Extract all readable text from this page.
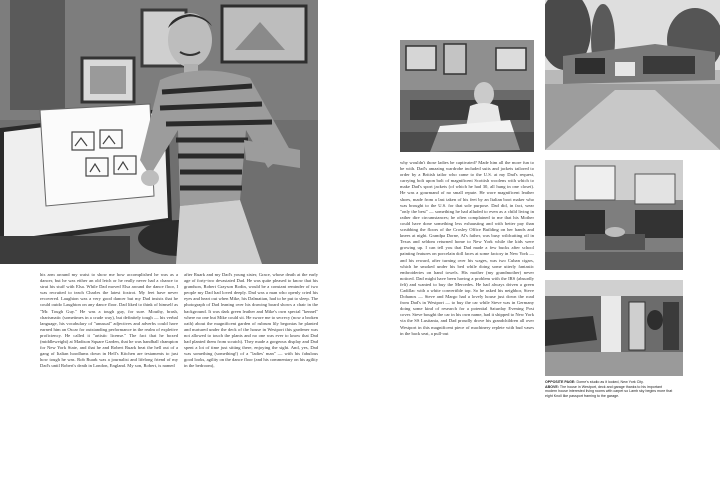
his arm around my waist to show me how accomplished he was as a dancer, but he was either an old letch or he really never had a chance to strut his stuff with Elsa. While Dad moved Elsa around the dance floor, I was recruited to teach Charles the latest foxtrot. My feet have never recovered. Laughton was a very good dancer but my Dad insists that he could outdo Laughton on any dance floor. Dad liked to think of himself as "Mr. Tough Guy." He was a tough guy, for sure. Mouthy, brash, charismatic (sometimes in a crude way), but definitely tough — his verbal language, his vocabulary of "unusual" adjectives and adverbs could have earned him an Oscar for outstanding performance in the realm of expletive proficiency. He called it "artistic license." The fact that he boxed (middleweight) at Madison Square Garden, that he was handball champion for New York State, and that he and Robert Ruark beat the hell out of a gang of Italian hoodlums down in Hell's Kitchen are testaments to just how tough he was. Rob Ruark was a journalist and lifelong friend of my Dad's until Robert's death in London, England. My son, Robert, is named

after Ruark and my Dad's young sister, Grace, whose death at the early age of forty-two devastated Dad. He was quite pleased to know that his grandson, Robert Grayson Rodin, would be a constant reminder of two people my Dad had loved deeply. Dad was a man who openly cried his eyes and heart out when Mike, his Dalmatian, had to be put to sleep. The photograph of Dad leaning over his drawing board shows a chair in the background. It was dark green leather and Mike's own special "kennel" where no one but Mike could sit. He swore me to secrecy (now a broken oath) about the magnificent garden of rubrum lily begonias he planted and nurtured under the deck of the house in Westport this gardener was not allowed to touch the plants and no one was ever to know that Dad had planted them from scratch). They made a gorgeous display and Dad spent a lot of time just sitting there, enjoying the sight. And, yes, Dad was something (something!) of a "ladies' man" — with his fabulous good looks, agility on the dance floor (and his commentary on his agility in the bedroom),

why wouldn't those ladies be captivated? Made him all the more fun to be with. Dad's amazing wardrobe included suits and jackets tailored to order by a British tailor who came to the U.S. at my Dad's request, carrying bolt upon bolt of magnificent Scottish woolens with which to make Dad's sport jackets (of which he had 30, all hung in one closet). He was a gourmand of no small repute. He wore magnificent leather shoes, made from a last taken of his feet by an Italian boot maker who was brought to the U.S. for that sole purpose. Dad did, in fact, wear "only the best" — something he had alluded to even as a child living in rather dire circumstances; he often complained to me that his Mother could have done something less exhausting and with better pay than scrubbing the floors of the Crosley Office Building on her hands and knees at night. Grandpa Dorne, Al's father, was busy wildcatting oil in Texas and seldom returned home to New York while the kids were growing up. I can tell you that Dad made a few bucks after school painting features on porcelain doll faces at some factory in New York — and his reward, after turning over his wages, was two Cuban cigars, which he smoked under his bed while doing some utterly fantastic embroideries on hand towels. His mother (my grandmother) never noticed. Dad might have been having a problem with the IRS (absurdly felt) and wanted to buy the Mercedes. He had always driven a green Cadillac with a white convertible top. So he asked his neighbor, Steve Dohanos — Steve and Margo had a lovely house just down the road from Dad's in Westport — to buy the car while Steve was in Germany doing some kind of research for a potential Saturday Evening Post cover. Steve bought the car in his own name, had it shipped to New York via the SS Lusitania, and Dad proudly drove his grandchildren all over Westport in this magnificent piece of machinery replete with bud vases in the back seat, a pull-out

OPPOSITE PAGE: Dorne's studio as it looked, New York City.
ABOVE: The house in Westport, deck and garage thanks to his important modern house interested living rooms with carpet so Lamb sky begins more that eight Knoll like passport framing to the garage.
